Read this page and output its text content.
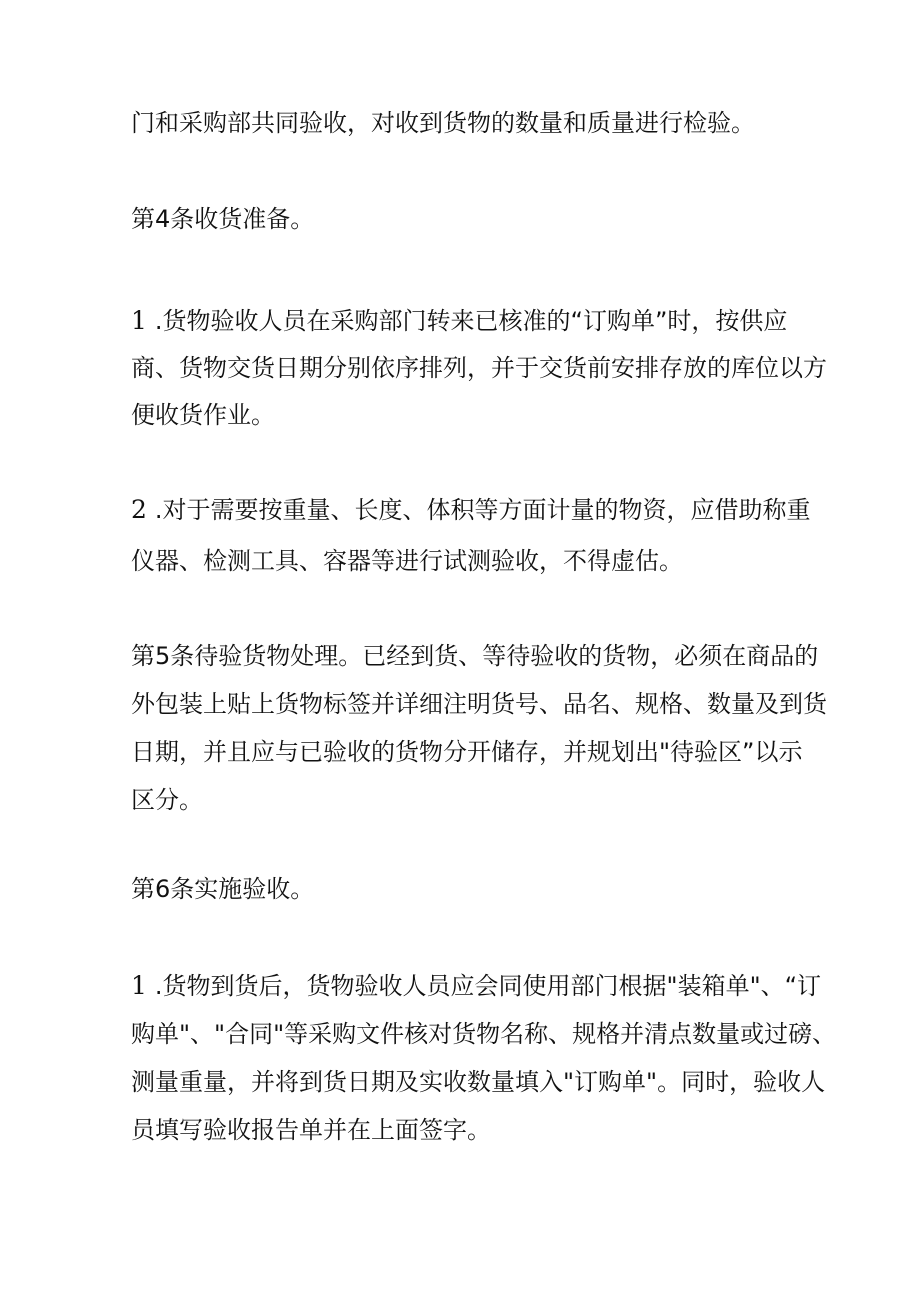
门和采购部共同验收，对收到货物的数量和质量进行检验。
第4条收货准备。
1 .货物验收人员在采购部门转来已核准的“订购单”时，按供应
商、货物交货日期分别依序排列，并于交货前安排存放的库位以方
便收货作业。
2 .对于需要按重量、长度、体积等方面计量的物资，应借助称重
仪器、检测工具、容器等进行试测验收，不得虚估。
第5条待验货物处理。已经到货、等待验收的货物，必须在商品的
外包装上贴上货物标签并详细注明货号、品名、规格、数量及到货
日期，并且应与已验收的货物分开储存，并规划出"待验区”以示
区分。
第6条实施验收。
1 .货物到货后，货物验收人员应会同使用部门根据"装箱单"、“订
购单"、"合同"等采购文件核对货物名称、规格并清点数量或过磅、
测量重量，并将到货日期及实收数量填入"订购单"。同时，验收人
员填写验收报告单并在上面签字。
